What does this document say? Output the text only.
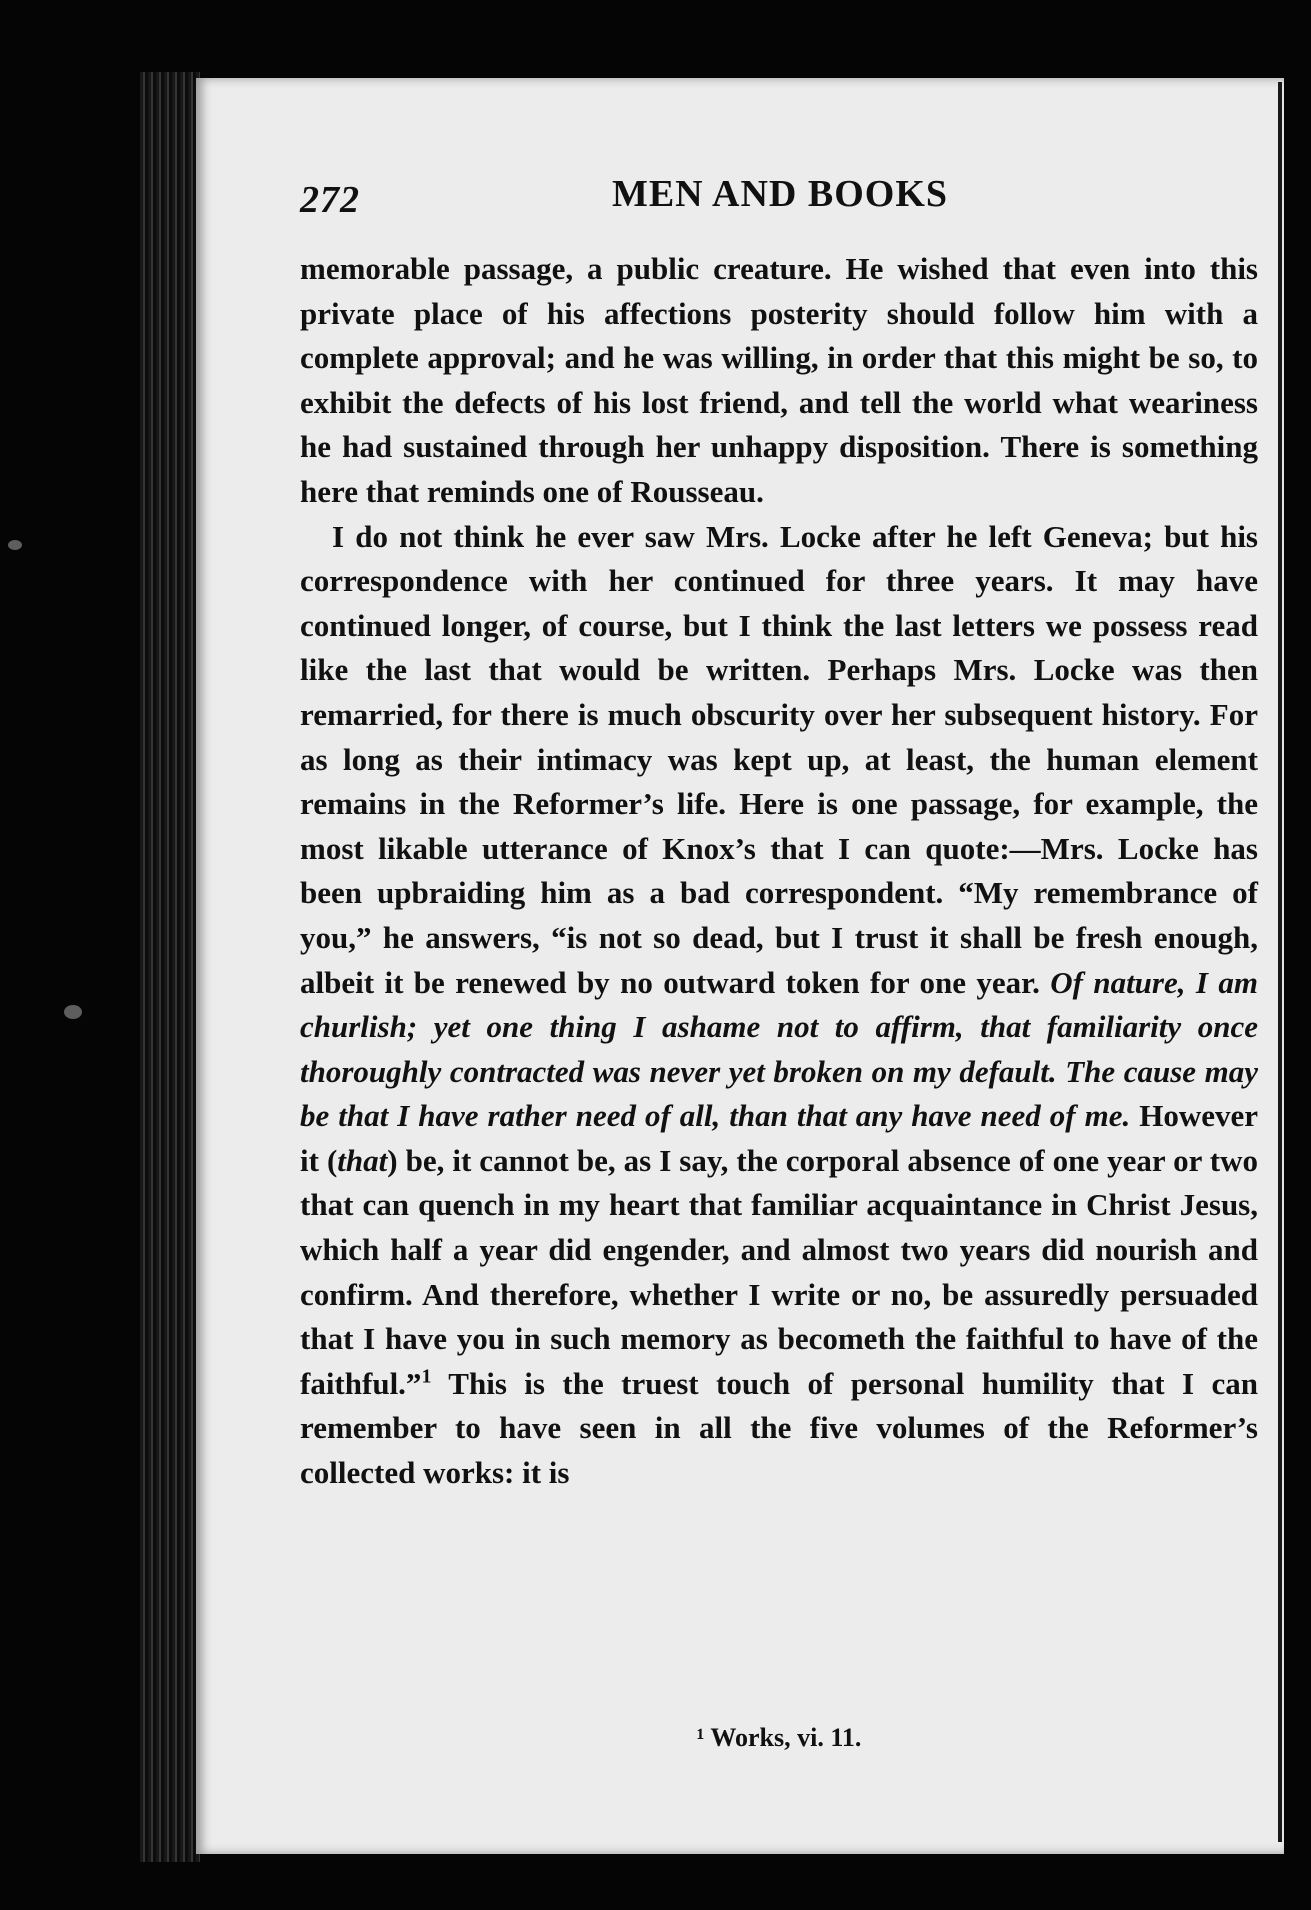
272	MEN AND BOOKS

memorable passage, a public creature. He wished that even into this private place of his affections posterity should follow him with a complete approval; and he was willing, in order that this might be so, to exhibit the defects of his lost friend, and tell the world what weariness he had sustained through her unhappy disposition. There is something here that reminds one of Rousseau.

I do not think he ever saw Mrs. Locke after he left Geneva; but his correspondence with her continued for three years. It may have continued longer, of course, but I think the last letters we possess read like the last that would be written. Perhaps Mrs. Locke was then remarried, for there is much obscurity over her subsequent history. For as long as their intimacy was kept up, at least, the human element remains in the Reformer’s life. Here is one passage, for example, the most likable utterance of Knox’s that I can quote:—Mrs. Locke has been upbraiding him as a bad correspondent. “My remembrance of you,” he answers, “is not so dead, but I trust it shall be fresh enough, albeit it be renewed by no outward token for one year. Of nature, I am churlish; yet one thing I ashame not to affirm, that familiarity once thoroughly contracted was never yet broken on my default. The cause may be that I have rather need of all, than that any have need of me. However it (that) be, it cannot be, as I say, the corporal absence of one year or two that can quench in my heart that familiar acquaintance in Christ Jesus, which half a year did engender, and almost two years did nourish and confirm. And therefore, whether I write or no, be assuredly persuaded that I have you in such memory as becometh the faithful to have of the faithful.”$^1$ This is the truest touch of personal humility that I can remember to have seen in all the five volumes of the Reformer’s collected works: it is

¹ Works, vi. 11.
